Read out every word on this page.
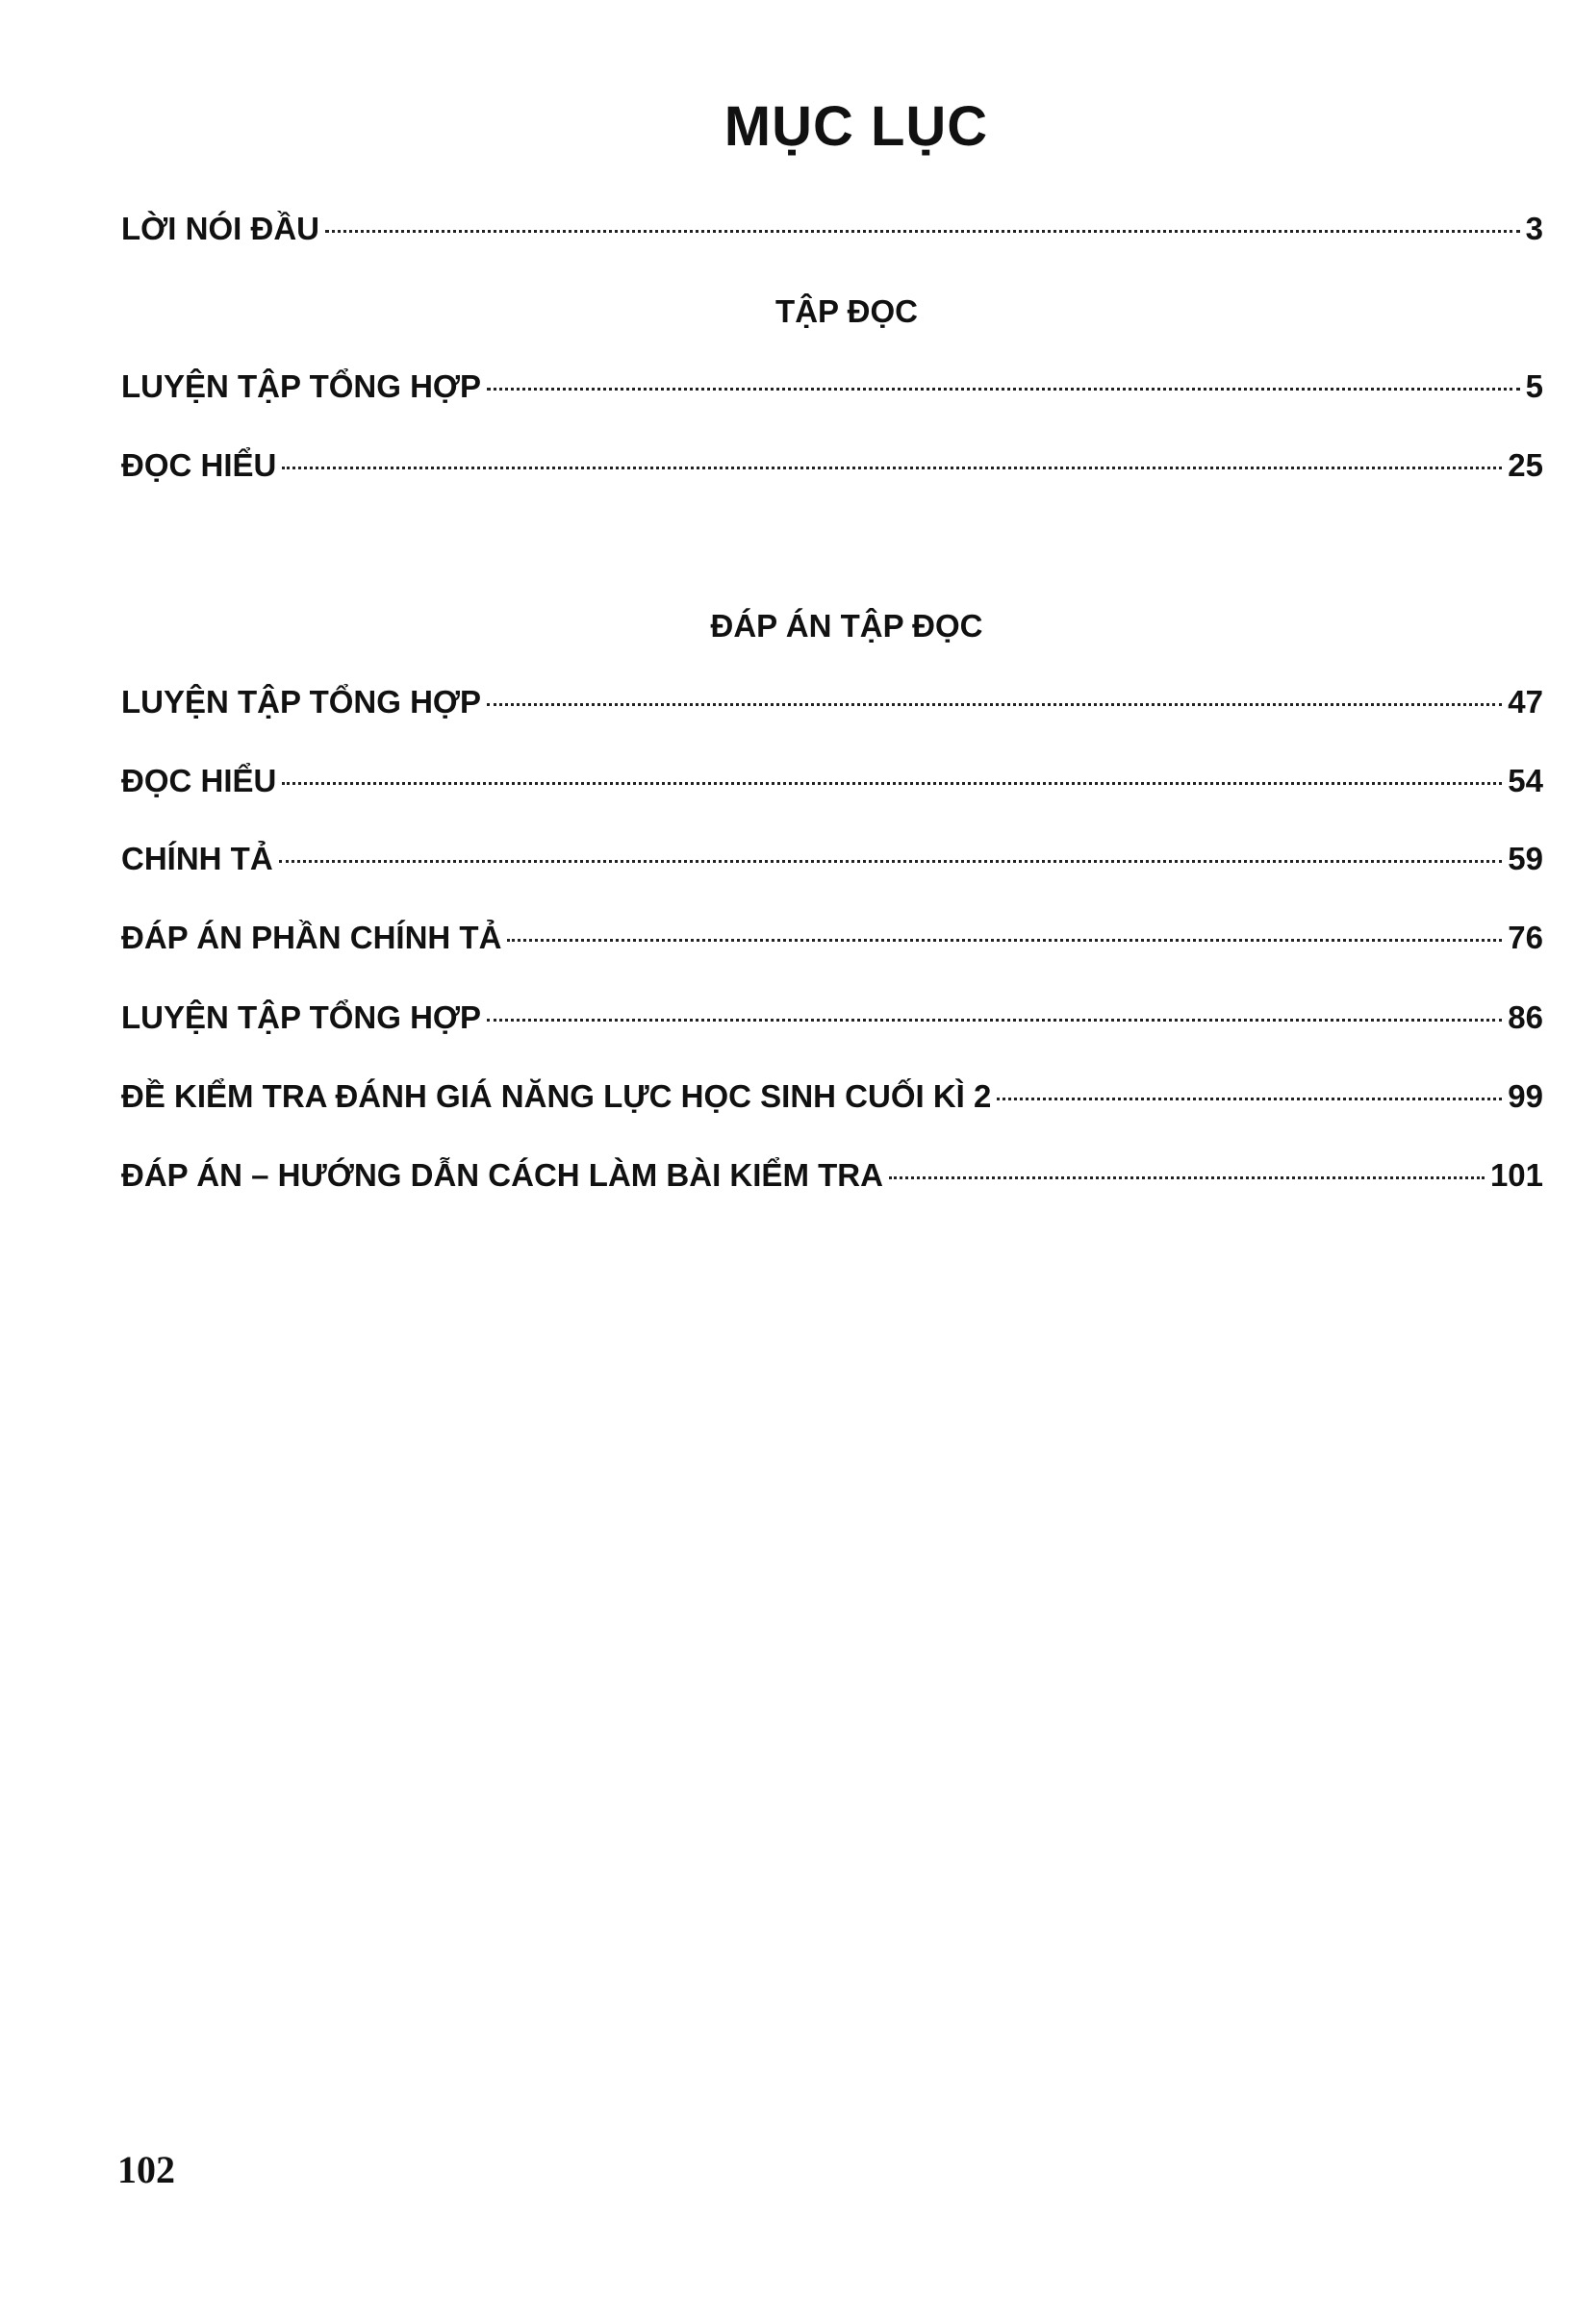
MỤC LỤC
LỜI NÓI ĐẦU	3
TẬP ĐỌC
LUYỆN TẬP TỔNG HỢP	5
ĐỌC HIỂU	25
ĐÁP ÁN TẬP ĐỌC
LUYỆN TẬP TỔNG HỢP	47
ĐỌC HIỂU	54
CHÍNH TẢ	59
ĐÁP ÁN PHẦN CHÍNH TẢ	76
LUYỆN TẬP TỔNG HỢP	86
ĐỀ KIỂM TRA ĐÁNH GIÁ NĂNG LỰC HỌC SINH CUỐI KÌ 2	99
ĐÁP ÁN – HƯỚNG DẪN CÁCH LÀM BÀI KIỂM TRA	101

102
